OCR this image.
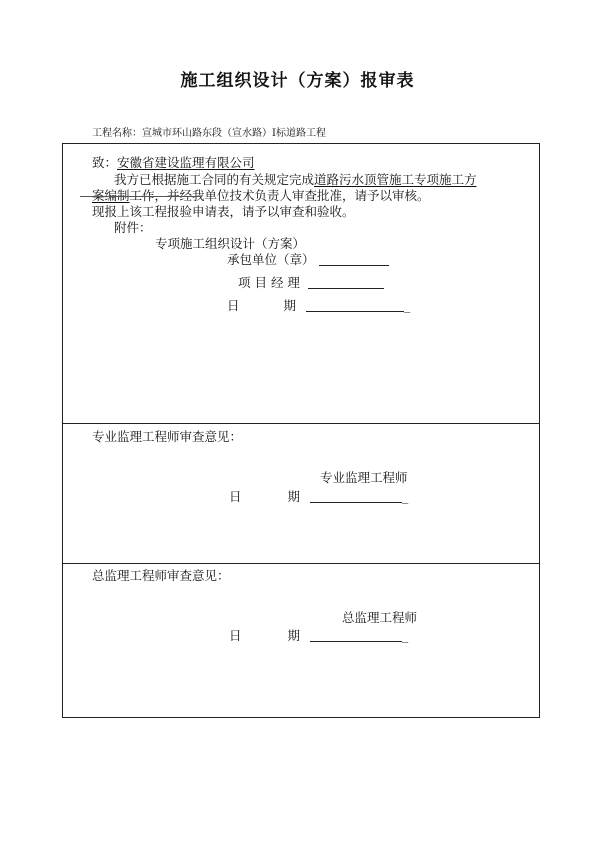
施工组织设计（方案）报审表
工程名称：宣城市环山路东段（宣水路）Ⅰ标道路工程
致：安徽省建设监理有限公司
我方已根据施工合同的有关规定完成道路污水顶管施工专项施工方
案编制工作，并经我单位技术负责人审查批准，请予以审核。
现报上该工程报验申请表，请予以审查和验收。
附件：
专项施工组织设计（方案）
承包单位（章）
项 目 经 理
日	期	_
专业监理工程师审查意见：
专业监理工程师
日	期	_
总监理工程师审查意见：
总监理工程师
日	期	_
